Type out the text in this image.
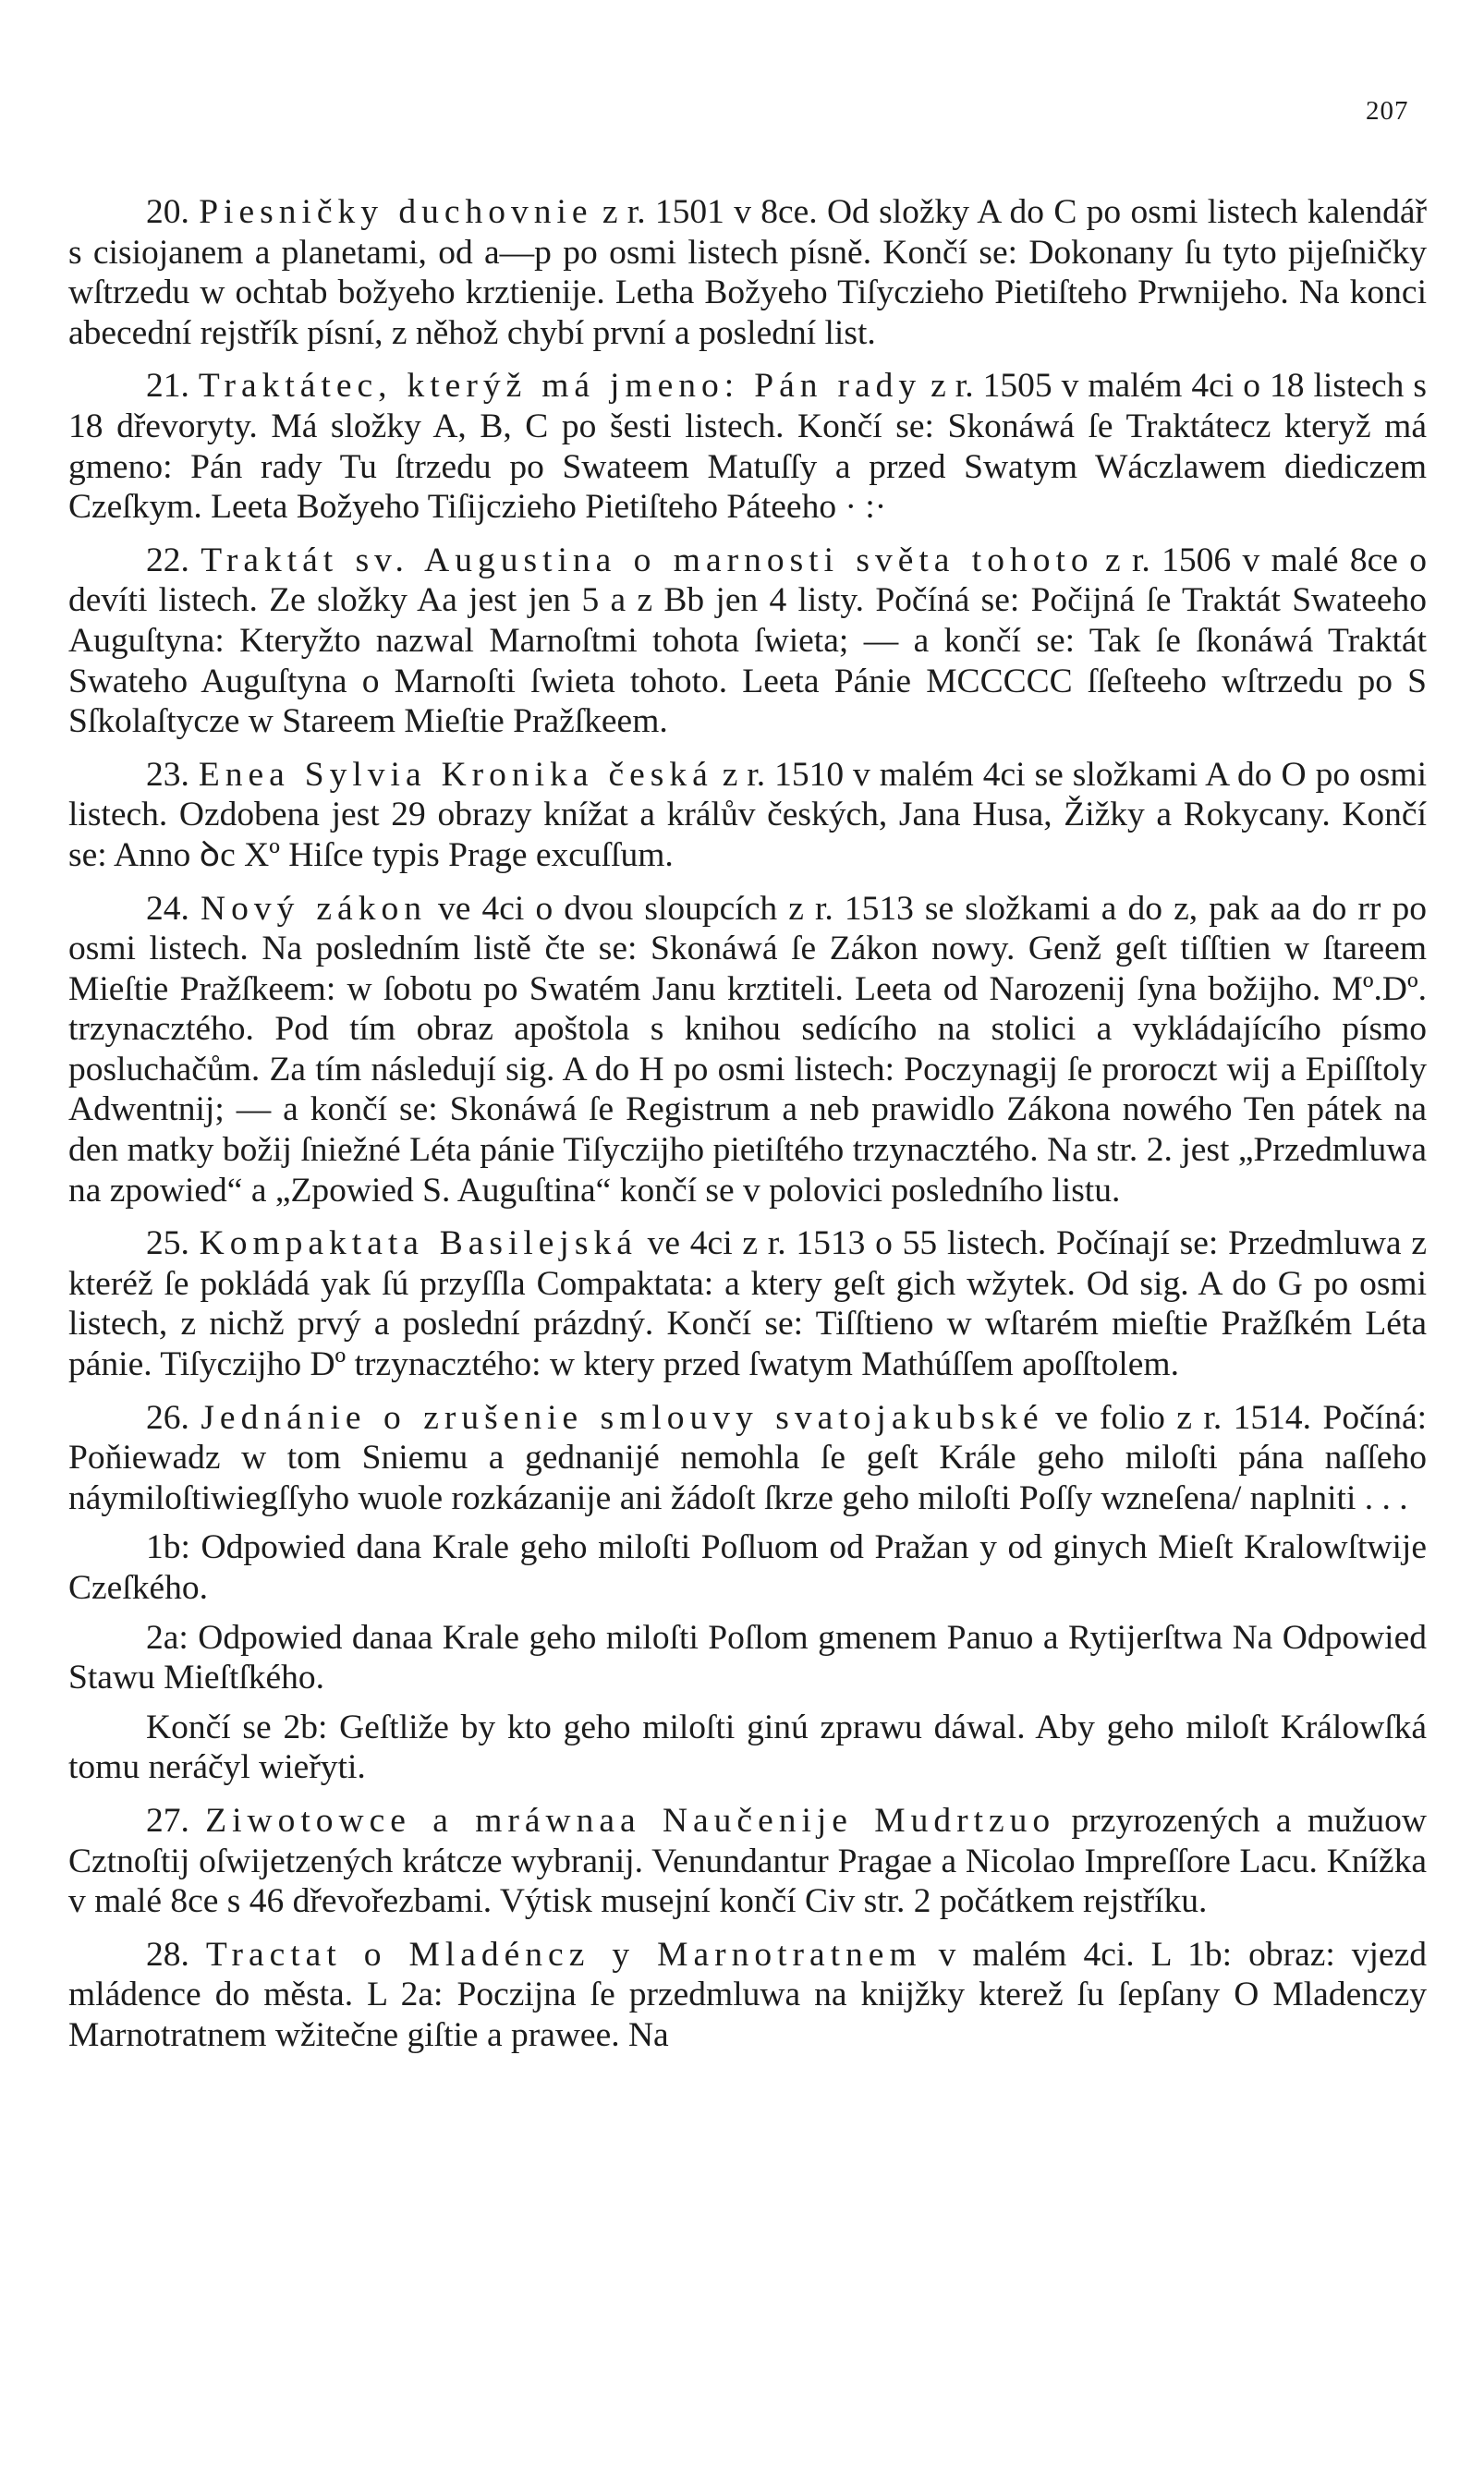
207

20. Piesničky duchovnie z r. 1501 v 8ce. Od složky A do C po osmi listech kalendář s cisiojanem a planetami, od a—p po osmi listech písně. Končí se: Dokonany ſu tyto pijeſničky wſtrzedu w ochtab božyeho krztienije. Letha Božyeho Tiſyczieho Pietiſteho Prwnijeho. Na konci abecední rejstřík písní, z něhož chybí první a poslední list.

21. Traktátec, kterýž má jmeno: Pán rady z r. 1505 v malém 4ci o 18 listech s 18 dřevoryty. Má složky A, B, C po šesti listech. Končí se: Skonáwá ſe Traktátecz kteryž má gmeno: Pán rady Tu ſtrzedu po Swateem Matuſſy a przed Swatym Wáczlawem diediczem Czeſkym. Leeta Božyeho Tiſijczieho Pietiſteho Páteeho · :·

22. Traktát sv. Augustina o marnosti světa tohoto z r. 1506 v malé 8ce o devíti listech. Ze složky Aa jest jen 5 a z Bb jen 4 listy. Počíná se: Počijná ſe Traktát Swateeho Auguſtyna: Kteryžto nazwal Marnoſtmi tohota ſwieta; — a končí se: Tak ſe ſkonáwá Traktát Swateho Auguſtyna o Marnoſti ſwieta tohoto. Leeta Pánie MCCCCC ſſeſteeho wſtrzedu po S Sſkolaſtycze w Stareem Mieſtie Pražſkeem.

23. Enea Sylvia Kronika česká z r. 1510 v malém 4ci se složkami A do O po osmi listech. Ozdobena jest 29 obrazy knížat a králův českých, Jana Husa, Žižky a Rokycany. Končí se: Anno ꝺc Xº Hiſce typis Prage excuſſum.

24. Nový zákon ve 4ci o dvou sloupcích z r. 1513 se složkami a do z, pak aa do rr po osmi listech. Na posledním listě čte se: Skonáwá ſe Zákon nowy. Genž geſt tiſſtien w ſtareem Mieſtie Pražſkeem: w ſobotu po Swatém Janu krztiteli. Leeta od Narozenij ſyna božijho. Mº.Dº. trzynacztého. Pod tím obraz apoštola s knihou sedícího na stolici a vykládajícího písmo posluchačům. Za tím následují sig. A do H po osmi listech: Poczynagij ſe proroczt wij a Epiſſtoly Adwentnij; — a končí se: Skonáwá ſe Registrum a neb prawidlo Zákona nowého Ten pátek na den matky božij ſniežné Léta pánie Tiſyczijho pietiſtého trzynacztého. Na str. 2. jest „Przedmluwa na zpowied“ a „Zpowied S. Auguſtina“ končí se v polovici posledního listu.

25. Kompaktata Basilejská ve 4ci z r. 1513 o 55 listech. Počínají se: Przedmluwa z kteréž ſe pokládá yak ſú przyſſla Compaktata: a ktery geſt gich wžytek. Od sig. A do G po osmi listech, z nichž prvý a poslední prázdný. Končí se: Tiſſtieno w wſtarém mieſtie Pražſkém Léta pánie. Tiſyczijho Dº trzynacztého: w ktery przed ſwatym Mathúſſem apoſſtolem.

26. Jednánie o zrušenie smlouvy svatojakubské ve folio z r. 1514. Počíná: Poňiewadz w tom Sniemu a gednanijé nemohla ſe geſt Krále geho miloſti pána naſſeho náymiloſtiwiegſſyho wuole rozkázanije ani žádoſt ſkrze geho miloſti Poſſy wzneſena/ naplniti . . .

1b: Odpowied dana Krale geho miloſti Poſluom od Pražan y od ginych Mieſt Kralowſtwije Czeſkého.

2a: Odpowied danaa Krale geho miloſti Poſlom gmenem Panuo a Rytijerſtwa Na Odpowied Stawu Mieſtſkého.

Končí se 2b: Geſtliže by kto geho miloſti ginú zprawu dáwal. Aby geho miloſt Králowſká tomu neráčyl wieřyti.

27. Ziwotowce a mráwnaa Naučenije Mudrtzuo przyrozených a mužuow Cztnoſtij oſwijetzených krátcze wybranij. Venundantur Pragae a Nicolao Impreſſore Lacu. Knížka v malé 8ce s 46 dřevořezbami. Výtisk musejní končí Civ str. 2 počátkem rejstříku.

28. Tractat o Mladéncz y Marnotratnem v malém 4ci. L 1b: obraz: vjezd mládence do města. L 2a: Poczijna ſe przedmluwa na knijžky kterež ſu ſepſany O Mladenczy Marnotratnem wžitečne giſtie a prawee. Na
